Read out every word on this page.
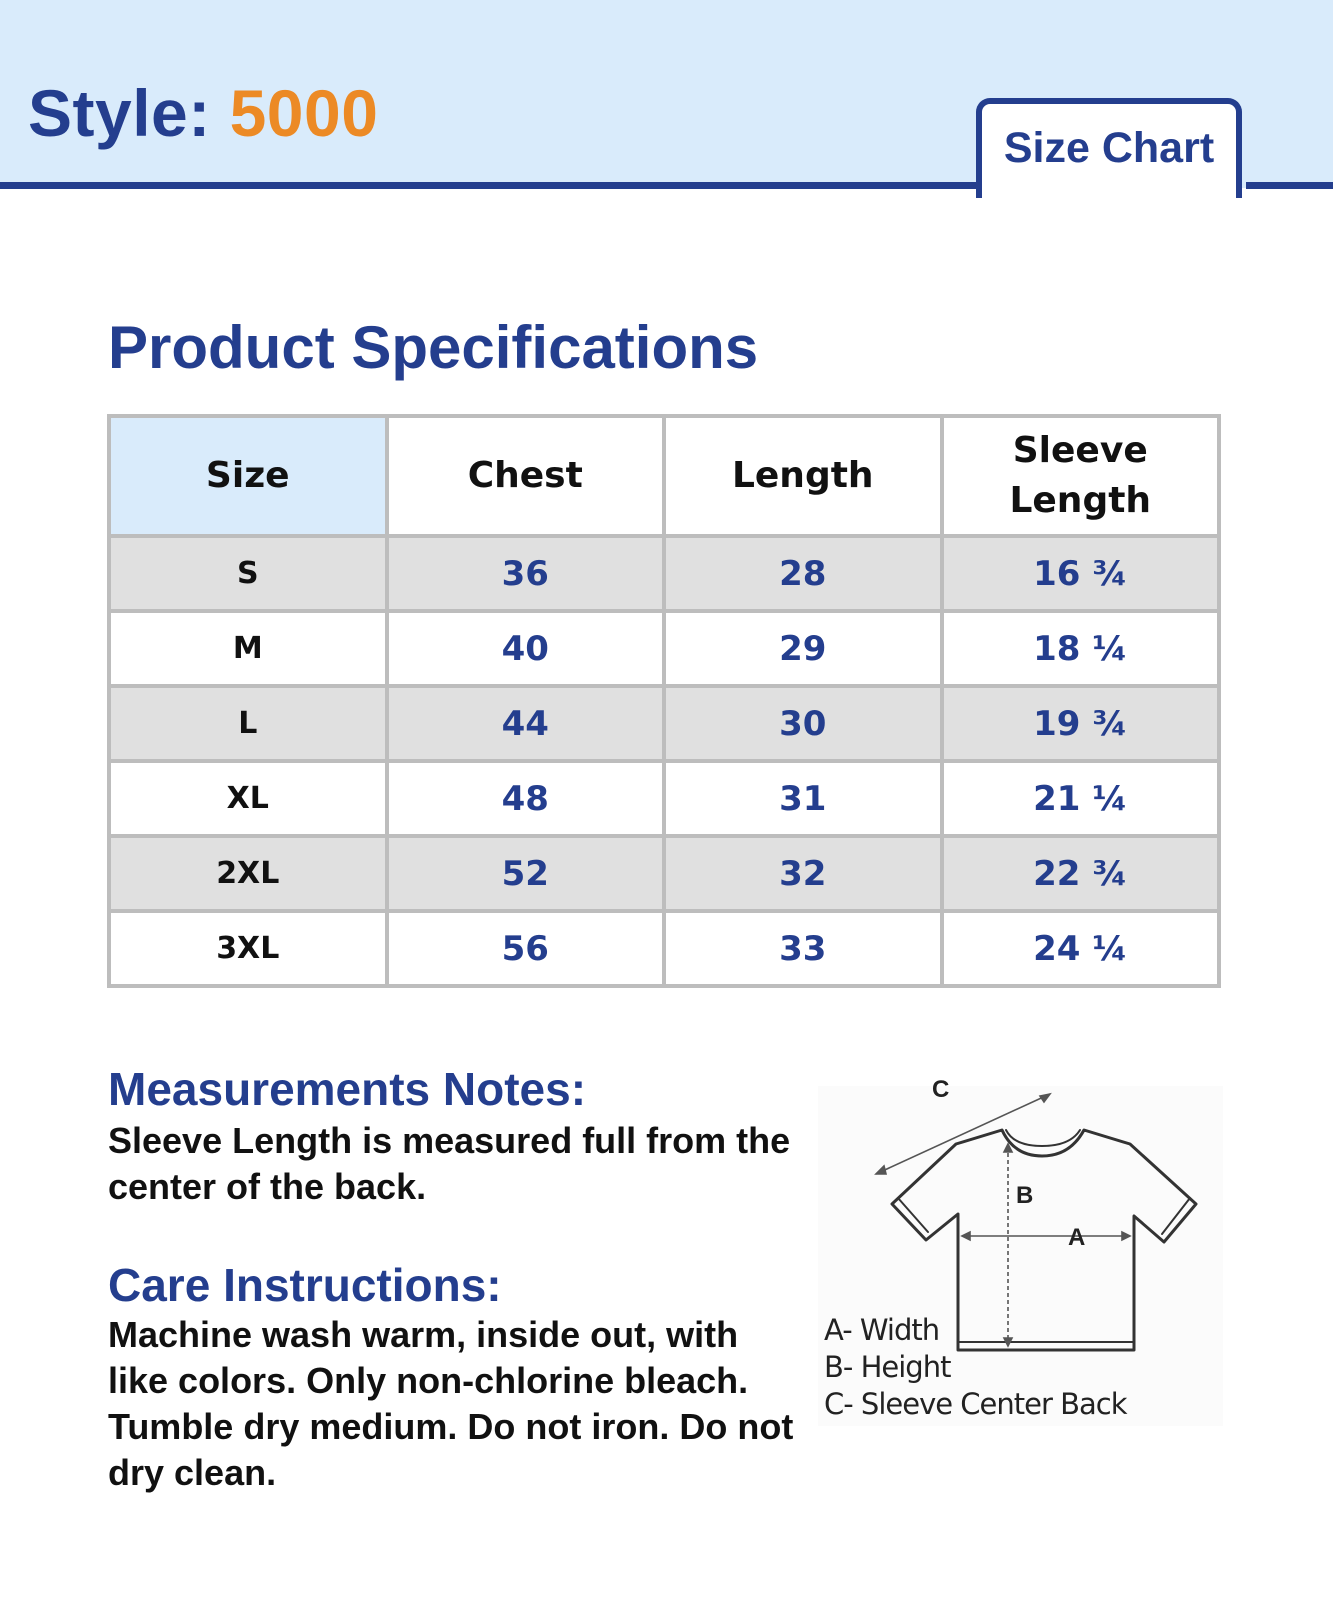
Style: 5000	Size Chart
Product Specifications
Size	Chest	Length	Sleeve Length
S	36	28	16 ¾
M	40	29	18 ¼
L	44	30	19 ¾
XL	48	31	21 ¼
2XL	52	32	22 ¾
3XL	56	33	24 ¼
Measurements Notes:
Sleeve Length is measured full from the center of the back.
Care Instructions:
Machine wash warm, inside out, with like colors. Only non-chlorine bleach. Tumble dry medium. Do not iron. Do not dry clean.
C
B
A
A- Width
B- Height
C- Sleeve Center Back
